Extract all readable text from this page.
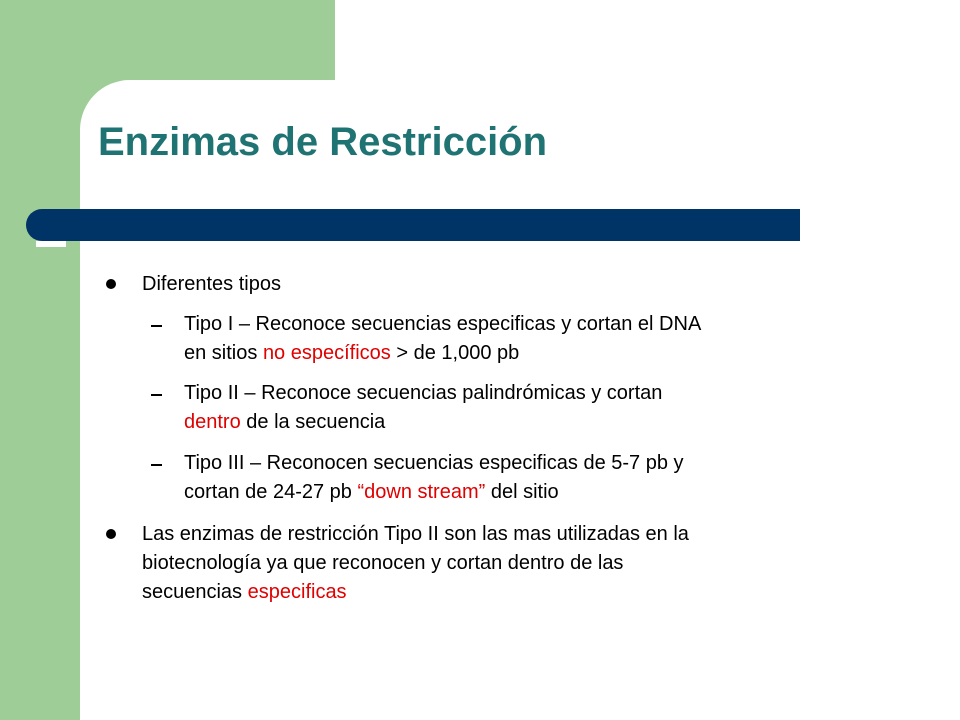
Enzimas de Restricción
Diferentes tipos
Tipo I – Reconoce secuencias especificas y cortan el DNA
en sitios no específicos > de 1,000 pb
Tipo II – Reconoce secuencias palindrómicas y cortan
dentro de la secuencia
Tipo III – Reconocen secuencias especificas de 5-7 pb y
cortan de 24-27 pb “down stream” del sitio
Las enzimas de restricción Tipo II son las mas utilizadas en la
biotecnología ya que reconocen y cortan dentro de las
secuencias especificas
